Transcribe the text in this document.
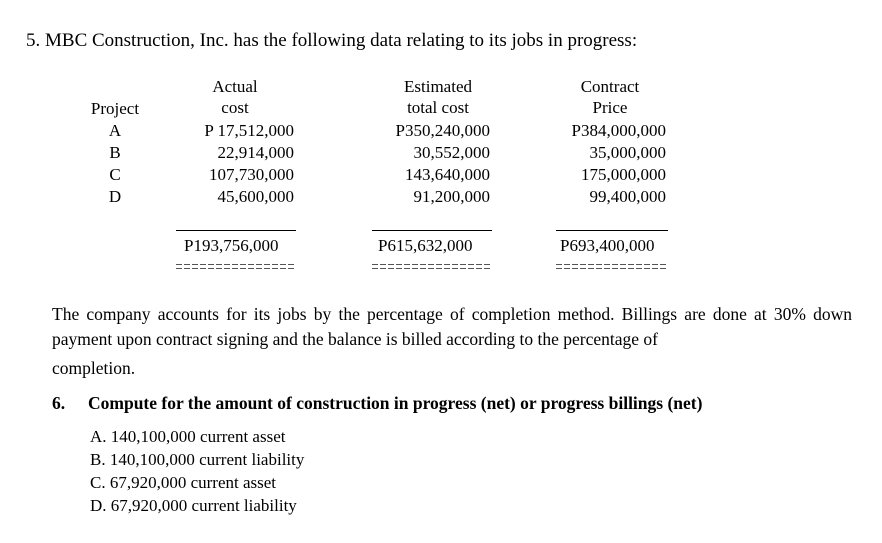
5. MBC Construction, Inc. has the following data relating to its jobs in progress:
Project
A
B
C
D
Actual
cost
Estimated
total cost
Contract
Price
P 17,512,000
22,914,000
107,730,000
45,600,000
P350,240,000
30,552,000
143,640,000
91,200,000
P384,000,000
35,000,000
175,000,000
99,400,000
P193,756,000	P615,632,000	P693,400,000
The company accounts for its jobs by the percentage of completion method. Billings are done at 30% down payment upon contract signing and the balance is billed according to the percentage of
completion.
6. Compute for the amount of construction in progress (net) or progress billings (net)
A. 140,100,000 current asset
B. 140,100,000 current liability
C. 67,920,000 current asset
D. 67,920,000 current liability
